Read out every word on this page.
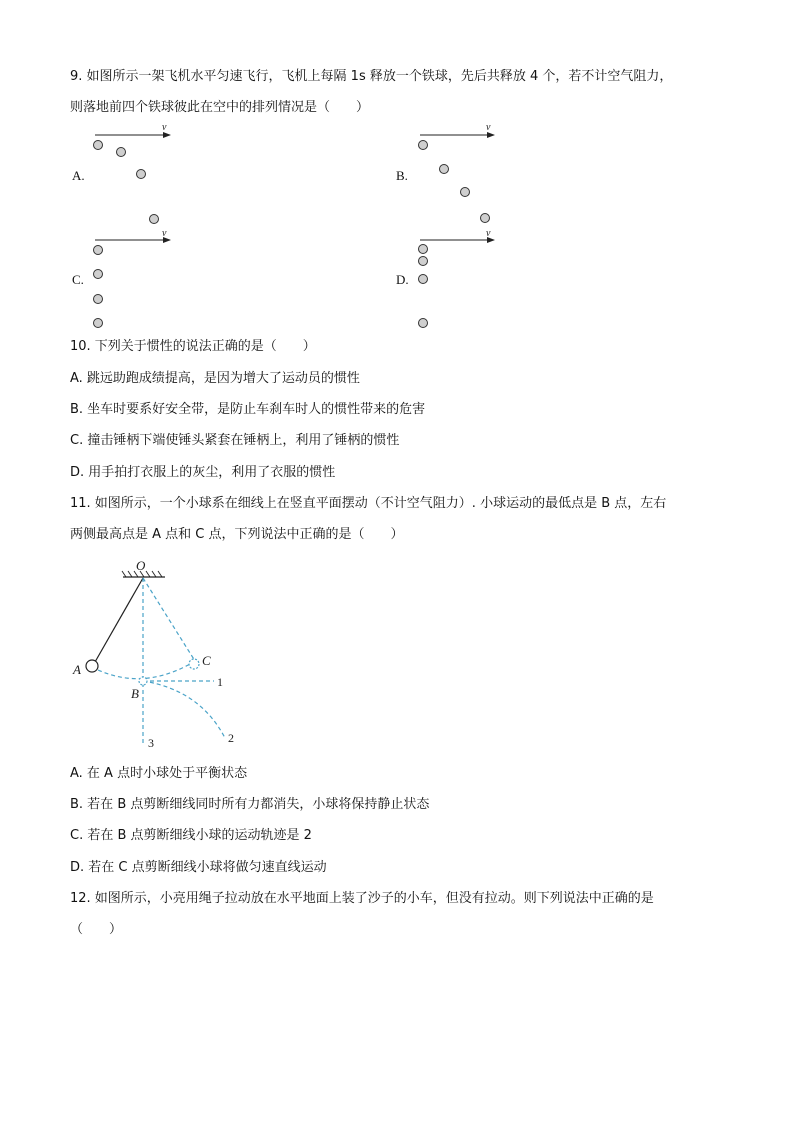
9. 如图所示一架飞机水平匀速飞行，飞机上每隔 1s 释放一个铁球，先后共释放 4 个，若不计空气阻力，
则落地前四个铁球彼此在空中的排列情况是（　　）
A.	B.
C.	D.
v	v
v	v
O
A
B
C
1
2
3
10. 下列关于惯性的说法正确的是（　　）
A. 跳远助跑成绩提高，是因为增大了运动员的惯性
B. 坐车时要系好安全带，是防止车刹车时人的惯性带来的危害
C. 撞击锤柄下端使锤头紧套在锤柄上，利用了锤柄的惯性
D. 用手拍打衣服上的灰尘，利用了衣服的惯性
11. 如图所示，一个小球系在细线上在竖直平面摆动（不计空气阻力）. 小球运动的最低点是 B 点，左右
两侧最高点是 A 点和 C 点，下列说法中正确的是（　　）
A. 在 A 点时小球处于平衡状态
B. 若在 B 点剪断细线同时所有力都消失，小球将保持静止状态
C. 若在 B 点剪断细线小球的运动轨迹是 2
D. 若在 C 点剪断细线小球将做匀速直线运动
12. 如图所示，小亮用绳子拉动放在水平地面上装了沙子的小车，但没有拉动。则下列说法中正确的是
（　　）
